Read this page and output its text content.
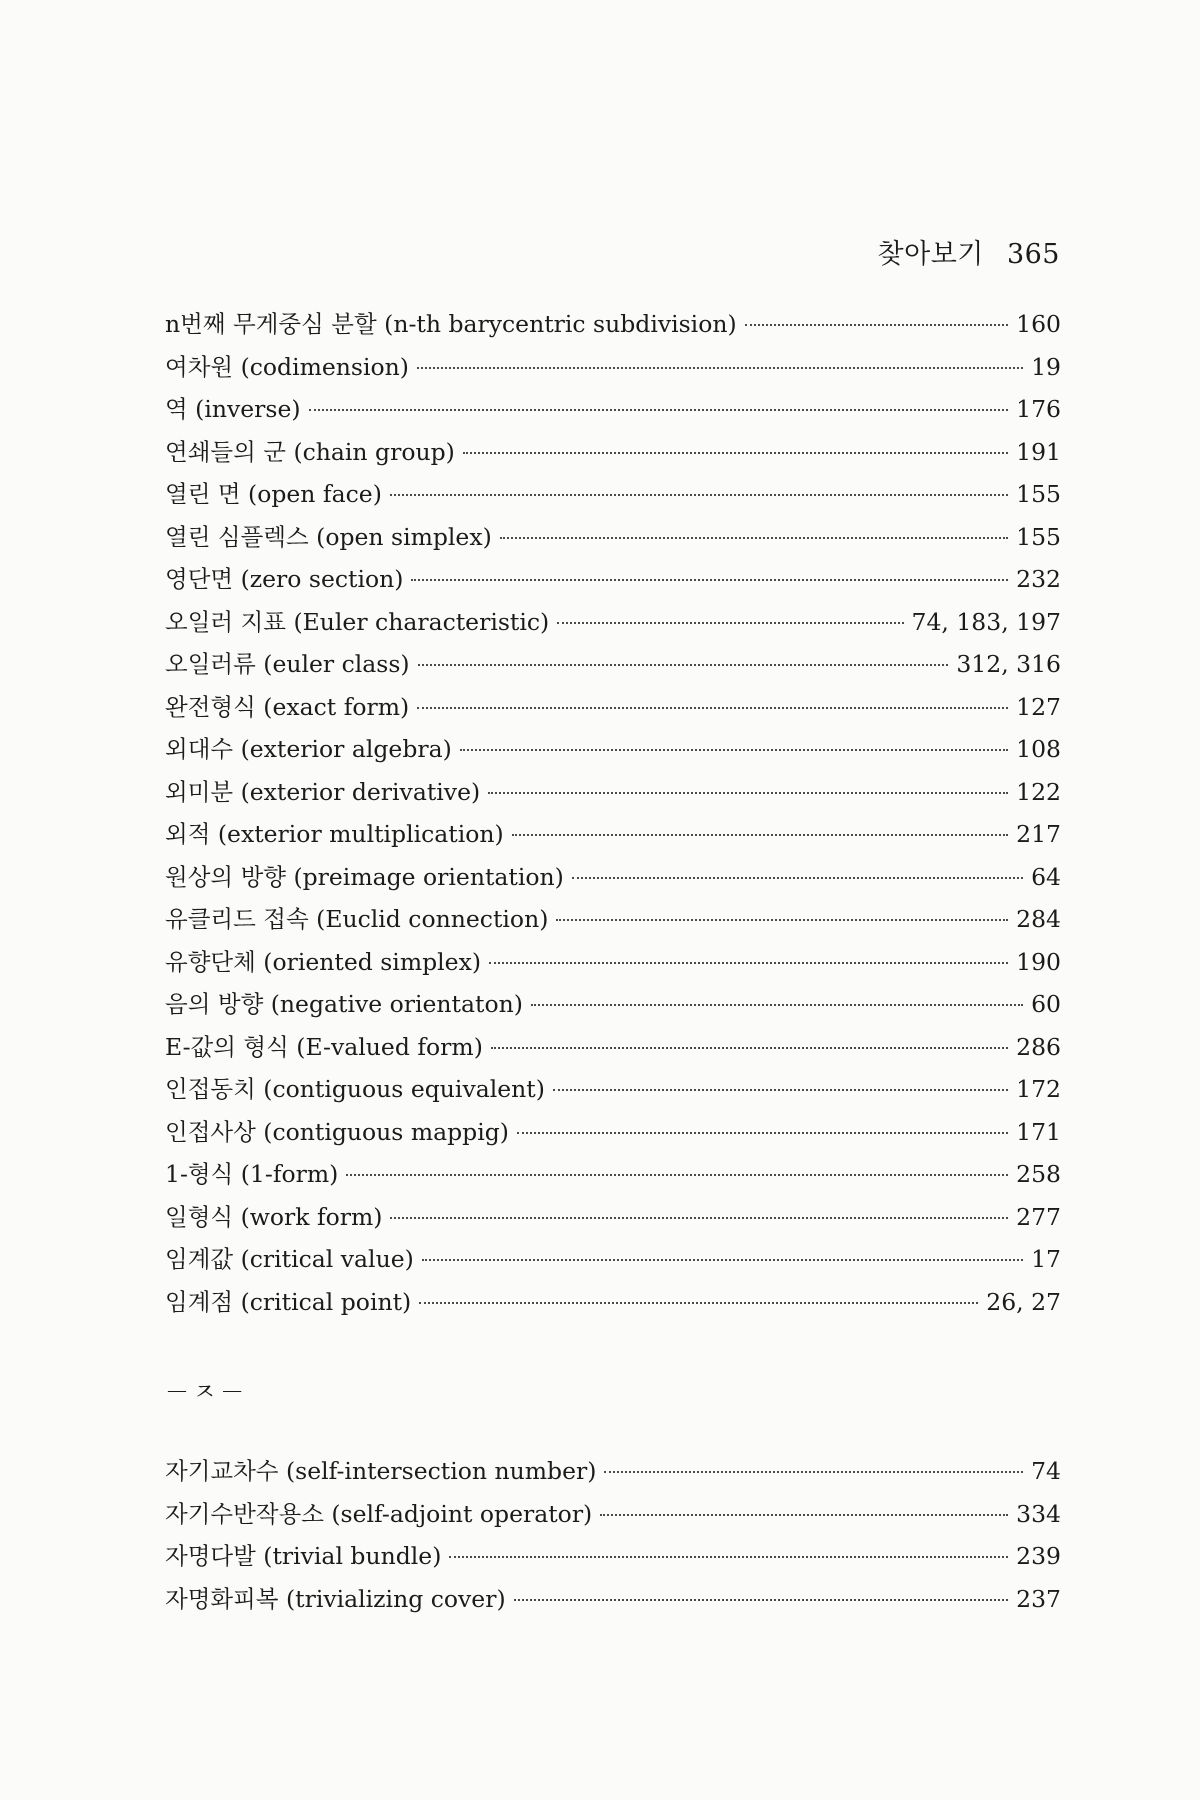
찾아보기 365
n번째 무게중심 분할 (n-th barycentric subdivision)	160
여차원 (codimension)	19
역 (inverse)	176
연쇄들의 군 (chain group)	191
열린 면 (open face)	155
열린 심플렉스 (open simplex)	155
영단면 (zero section)	232
오일러 지표 (Euler characteristic)	74, 183, 197
오일러류 (euler class)	312, 316
완전형식 (exact form)	127
외대수 (exterior algebra)	108
외미분 (exterior derivative)	122
외적 (exterior multiplication)	217
원상의 방향 (preimage orientation)	64
유클리드 접속 (Euclid connection)	284
유향단체 (oriented simplex)	190
음의 방향 (negative orientaton)	60
E-값의 형식 (E-valued form)	286
인접동치 (contiguous equivalent)	172
인접사상 (contiguous mappig)	171
1-형식 (1-form)	258
일형식 (work form)	277
임계값 (critical value)	17
임계점 (critical point)	26, 27
－ㅈ－
자기교차수 (self-intersection number)	74
자기수반작용소 (self-adjoint operator)	334
자명다발 (trivial bundle)	239
자명화피복 (trivializing cover)	237
